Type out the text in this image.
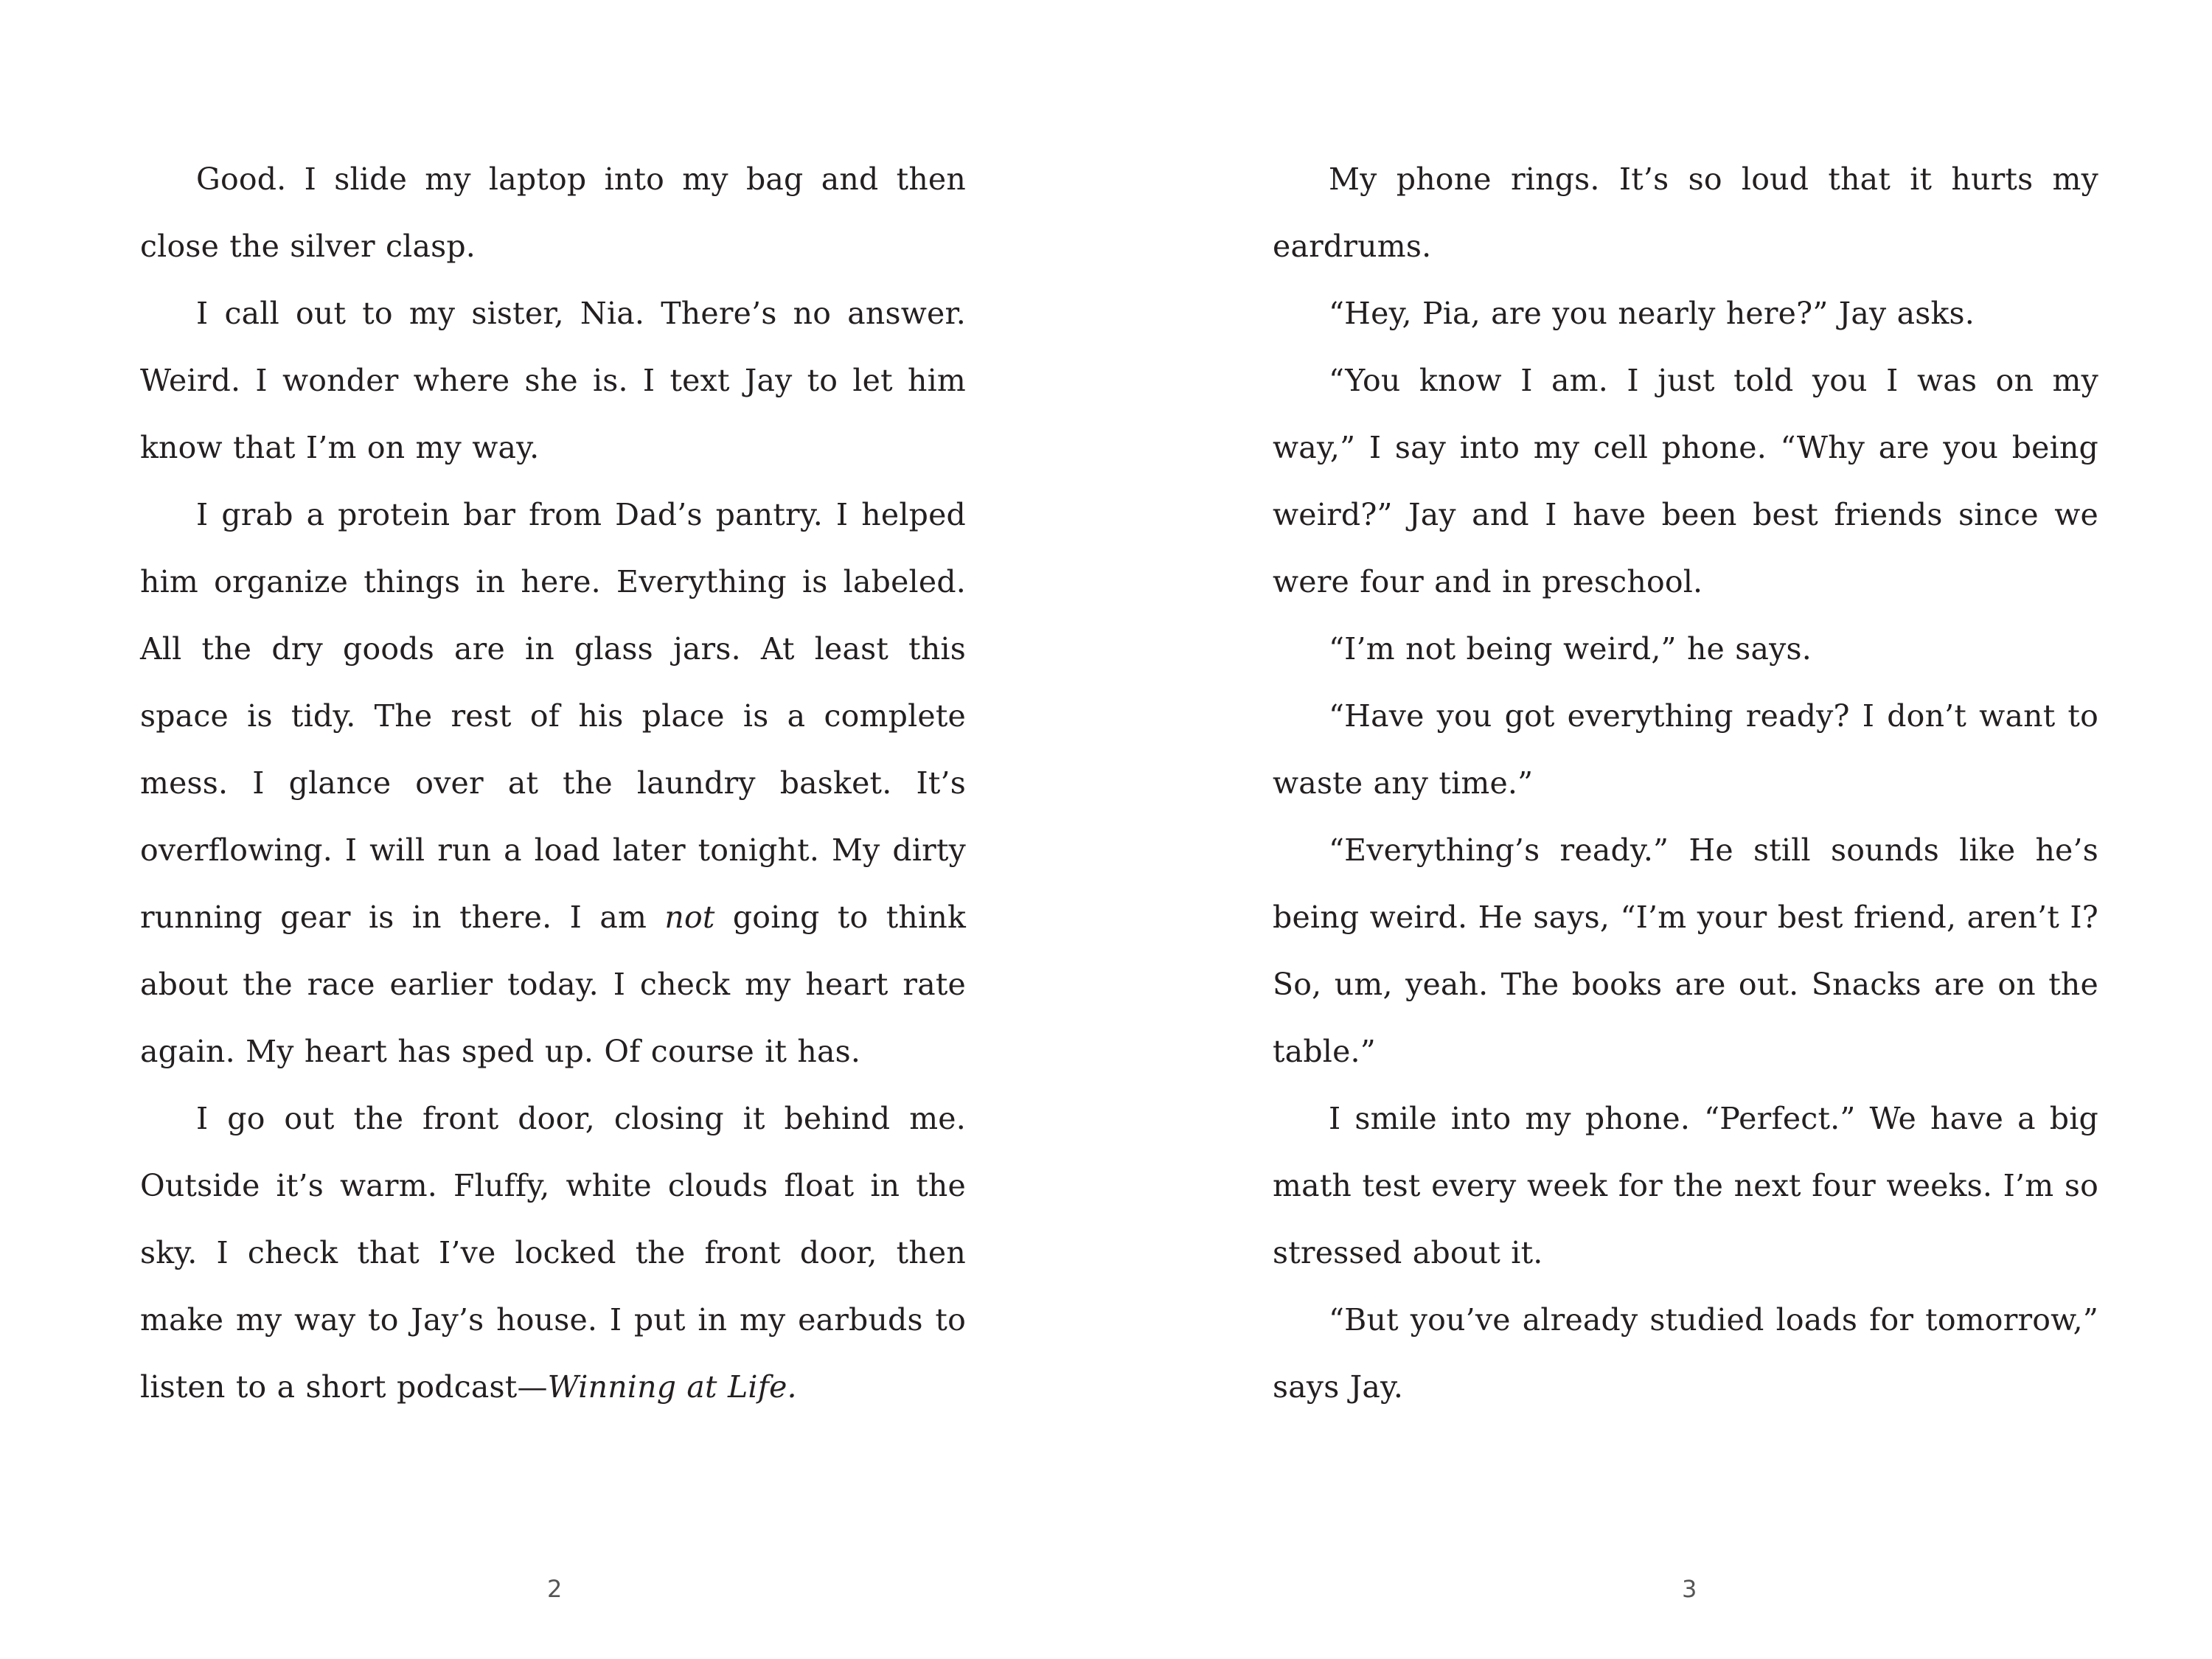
Good. I slide my laptop into my bag and then close the silver clasp.

I call out to my sister, Nia. There’s no answer. Weird. I wonder where she is. I text Jay to let him know that I’m on my way.

I grab a protein bar from Dad’s pantry. I helped him organize things in here. Everything is labeled. All the dry goods are in glass jars. At least this space is tidy. The rest of his place is a complete mess. I glance over at the laundry basket. It’s overflowing. I will run a load later tonight. My dirty running gear is in there. I am not going to think about the race earlier today. I check my heart rate again. My heart has sped up. Of course it has.

I go out the front door, closing it behind me. Outside it’s warm. Fluffy, white clouds float in the sky. I check that I’ve locked the front door, then make my way to Jay’s house. I put in my earbuds to listen to a short podcast—Winning at Life.

2

My phone rings. It’s so loud that it hurts my eardrums.

“Hey, Pia, are you nearly here?” Jay asks.

“You know I am. I just told you I was on my way,” I say into my cell phone. “Why are you being weird?” Jay and I have been best friends since we were four and in preschool.

“I’m not being weird,” he says.

“Have you got everything ready? I don’t want to waste any time.”

“Everything’s ready.” He still sounds like he’s being weird. He says, “I’m your best friend, aren’t I? So, um, yeah. The books are out. Snacks are on the table.”

I smile into my phone. “Perfect.” We have a big math test every week for the next four weeks. I’m so stressed about it.

“But you’ve already studied loads for tomorrow,” says Jay.

3
